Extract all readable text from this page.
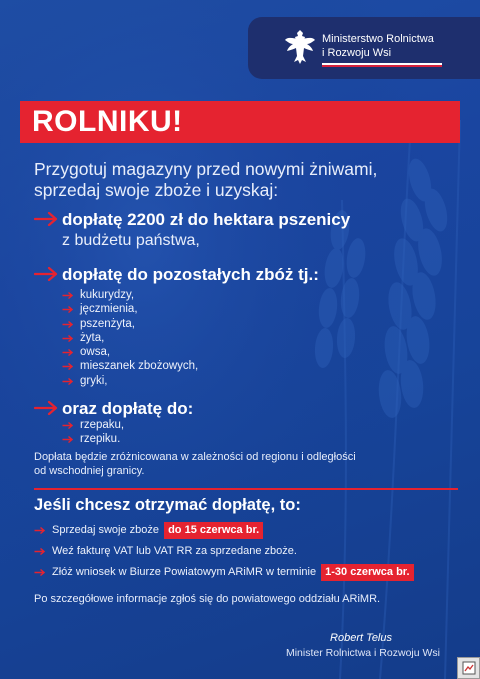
Ministerstwo Rolnictwa
i Rozwoju Wsi
ROLNIKU!
Przygotuj magazyny przed nowymi żniwami,
sprzedaj swoje zboże i uzyskaj:
dopłatę 2200 zł do hektara pszenicy
z budżetu państwa,
dopłatę do pozostałych zbóż tj.:
kukurydzy,
jęczmienia,
pszenżyta,
żyta,
owsa,
mieszanek zbożowych,
gryki,
oraz dopłatę do:
rzepaku,
rzepiku.
Dopłata będzie zróżnicowana w zależności od regionu i odległości
od wschodniej granicy.
Jeśli chcesz otrzymać dopłatę, to:
Sprzedaj swoje zboże do 15 czerwca br.
Weź fakturę VAT lub VAT RR za sprzedane zboże.
Złóż wniosek w Biurze Powiatowym ARiMR w terminie 1-30 czerwca br.
Po szczegółowe informacje zgłoś się do powiatowego oddziału ARiMR.
Robert Telus
Minister Rolnictwa i Rozwoju Wsi
